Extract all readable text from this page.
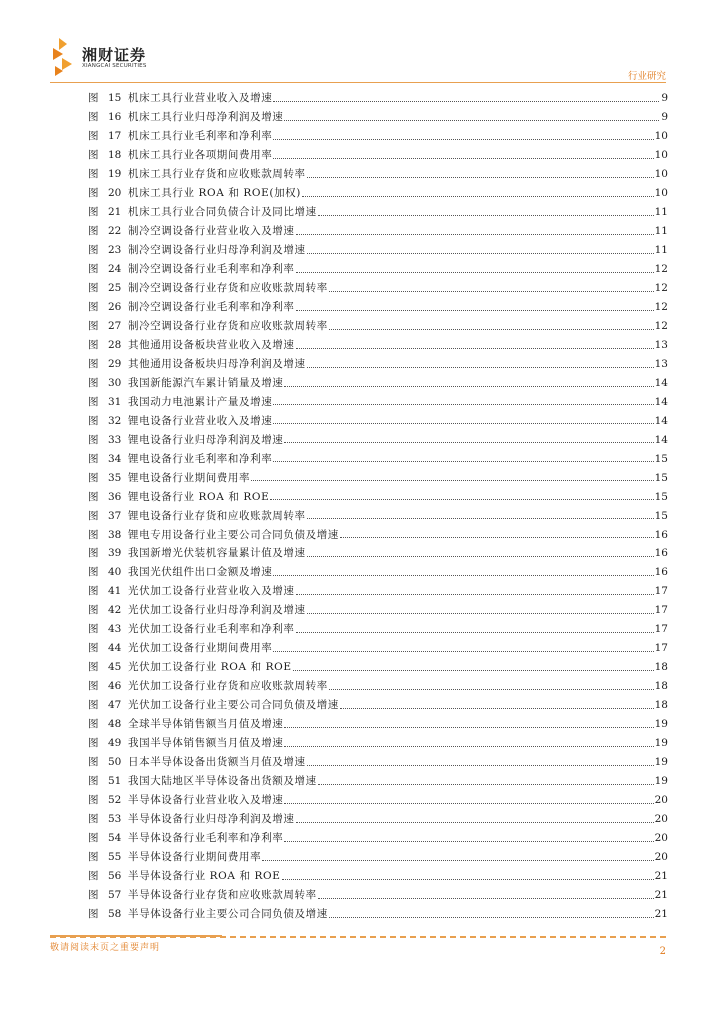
湘财证券
XIANGCAI SECURITIES
行业研究
图 15 机床工具行业营业收入及增速	9
图 16 机床工具行业归母净利润及增速	9
图 17 机床工具行业毛利率和净利率	10
图 18 机床工具行业各项期间费用率	10
图 19 机床工具行业存货和应收账款周转率	10
图 20 机床工具行业 ROA 和 ROE(加权)	10
图 21 机床工具行业合同负债合计及同比增速	11
图 22 制冷空调设备行业营业收入及增速	11
图 23 制冷空调设备行业归母净利润及增速	11
图 24 制冷空调设备行业毛利率和净利率	12
图 25 制冷空调设备行业存货和应收账款周转率	12
图 26 制冷空调设备行业毛利率和净利率	12
图 27 制冷空调设备行业存货和应收账款周转率	12
图 28 其他通用设备板块营业收入及增速	13
图 29 其他通用设备板块归母净利润及增速	13
图 30 我国新能源汽车累计销量及增速	14
图 31 我国动力电池累计产量及增速	14
图 32 锂电设备行业营业收入及增速	14
图 33 锂电设备行业归母净利润及增速	14
图 34 锂电设备行业毛利率和净利率	15
图 35 锂电设备行业期间费用率	15
图 36 锂电设备行业 ROA 和 ROE	15
图 37 锂电设备行业存货和应收账款周转率	15
图 38 锂电专用设备行业主要公司合同负债及增速	16
图 39 我国新增光伏装机容量累计值及增速	16
图 40 我国光伏组件出口金额及增速	16
图 41 光伏加工设备行业营业收入及增速	17
图 42 光伏加工设备行业归母净利润及增速	17
图 43 光伏加工设备行业毛利率和净利率	17
图 44 光伏加工设备行业期间费用率	17
图 45 光伏加工设备行业 ROA 和 ROE	18
图 46 光伏加工设备行业存货和应收账款周转率	18
图 47 光伏加工设备行业主要公司合同负债及增速	18
图 48 全球半导体销售额当月值及增速	19
图 49 我国半导体销售额当月值及增速	19
图 50 日本半导体设备出货额当月值及增速	19
图 51 我国大陆地区半导体设备出货额及增速	19
图 52 半导体设备行业营业收入及增速	20
图 53 半导体设备行业归母净利润及增速	20
图 54 半导体设备行业毛利率和净利率	20
图 55 半导体设备行业期间费用率	20
图 56 半导体设备行业 ROA 和 ROE	21
图 57 半导体设备行业存货和应收账款周转率	21
图 58 半导体设备行业主要公司合同负债及增速	21
敬请阅读末页之重要声明	2
